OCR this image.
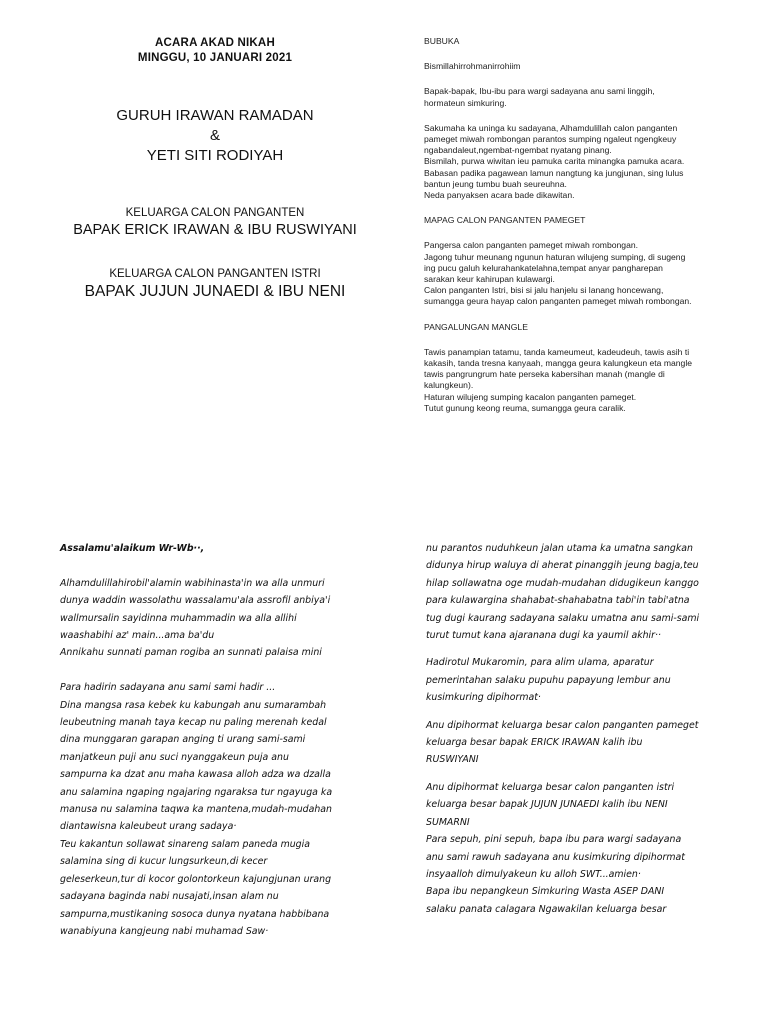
ACARA AKAD NIKAH
MINGGU, 10 JANUARI 2021
GURUH IRAWAN RAMADAN
&
YETI SITI RODIYAH
KELUARGA CALON PANGANTEN
BAPAK ERICK IRAWAN & IBU RUSWIYANI
KELUARGA CALON PANGANTEN ISTRI
BAPAK JUJUN JUNAEDI & IBU NENI

BUBUKA

Bismillahirrohmanirrohiim

Bapak-bapak, Ibu-ibu para wargi sadayana anu sami linggih,

hormateun simkuring.

Sakumaha ka uninga ku sadayana, Alhamdulillah calon panganten

pameget miwah rombongan parantos sumping ngaleut ngengkeuy

ngabandaleut,ngembat-ngembat nyatang pinang.

Bismilah, purwa wiwitan ieu pamuka carita minangka pamuka acara.

Babasan padika pagawean lamun nangtung ka jungjunan, sing lulus

bantun jeung tumbu buah seureuhna.

Neda panyaksen acara bade dikawitan.

MAPAG CALON PANGANTEN PAMEGET

Pangersa calon panganten pameget miwah rombongan.

Jagong tuhur meunang ngunun haturan wilujeng sumping, di sugeng

ing pucu galuh kelurahankatelahna,tempat anyar pangharepan

sarakan keur kahirupan kulawargi.

Calon panganten Istri, bisi si jalu hanjelu si lanang honcewang,

sumangga geura hayap calon panganten pameget miwah rombongan.

PANGALUNGAN MANGLE

Tawis panampian tatamu, tanda kameumeut, kadeudeuh, tawis asih ti

kakasih, tanda tresna kanyaah, mangga geura kalungkeun eta mangle

tawis pangrungrum hate perseka kabersihan manah (mangle di

kalungkeun).

Haturan wilujeng sumping kacalon panganten pameget.

Tutut gunung keong reuma, sumangga geura caralik.

Assalamu'alaikum Wr-Wb··,

Alhamdulillahirobil'alamin wabihinasta'in wa alla unmuri

dunya waddin wassolathu wassalamu'ala assrofil anbiya'i

wallmursalin sayidinna muhammadin wa alla allihi

waashabihi az' main...ama ba'du

Annikahu sunnati paman rogiba an sunnati palaisa mini

Para hadirin sadayana anu sami sami hadir ...

Dina mangsa rasa kebek ku kabungah anu sumarambah

leubeutning manah taya kecap nu paling merenah kedal

dina munggaran garapan anging ti urang sami-sami

manjatkeun puji anu suci nyanggakeun puja anu

sampurna ka dzat anu maha kawasa alloh adza wa dzalla

anu salamina ngaping ngajaring ngaraksa tur ngayuga ka

manusa nu salamina taqwa ka mantena,mudah-mudahan

diantawisna kaleubeut urang sadaya·

Teu kakantun sollawat sinareng salam paneda mugia

salamina sing di kucur lungsurkeun,di kecer

geleserkeun,tur di kocor golontorkeun kajungjunan urang

sadayana baginda nabi nusajati,insan alam nu

sampurna,mustikaning sosoca dunya nyatana habbibana

wanabiyuna kangjeung nabi muhamad Saw·

nu parantos nuduhkeun jalan utama ka umatna sangkan

didunya hirup waluya di aherat pinanggih jeung bagja,teu

hilap sollawatna oge mudah-mudahan didugikeun kanggo

para kulawargina shahabat-shahabatna tabi'in tabi'atna

tug dugi kaurang sadayana salaku umatna anu sami-sami

turut tumut kana ajaranana dugi ka yaumil akhir··

Hadirotul Mukaromin, para alim ulama, aparatur

pemerintahan salaku pupuhu papayung lembur anu

kusimkuring dipihormat·

Anu dipihormat keluarga besar calon panganten pameget

keluarga besar bapak ERICK IRAWAN kalih ibu

RUSWIYANI

Anu dipihormat keluarga besar calon panganten istri

keluarga besar bapak JUJUN JUNAEDI kalih ibu NENI

SUMARNI

Para sepuh, pini sepuh, bapa ibu para wargi sadayana

anu sami rawuh sadayana anu kusimkuring dipihormat

insyaalloh dimulyakeun ku alloh SWT...amien·

Bapa ibu nepangkeun Simkuring Wasta ASEP DANI

salaku panata calagara Ngawakilan keluarga besar
